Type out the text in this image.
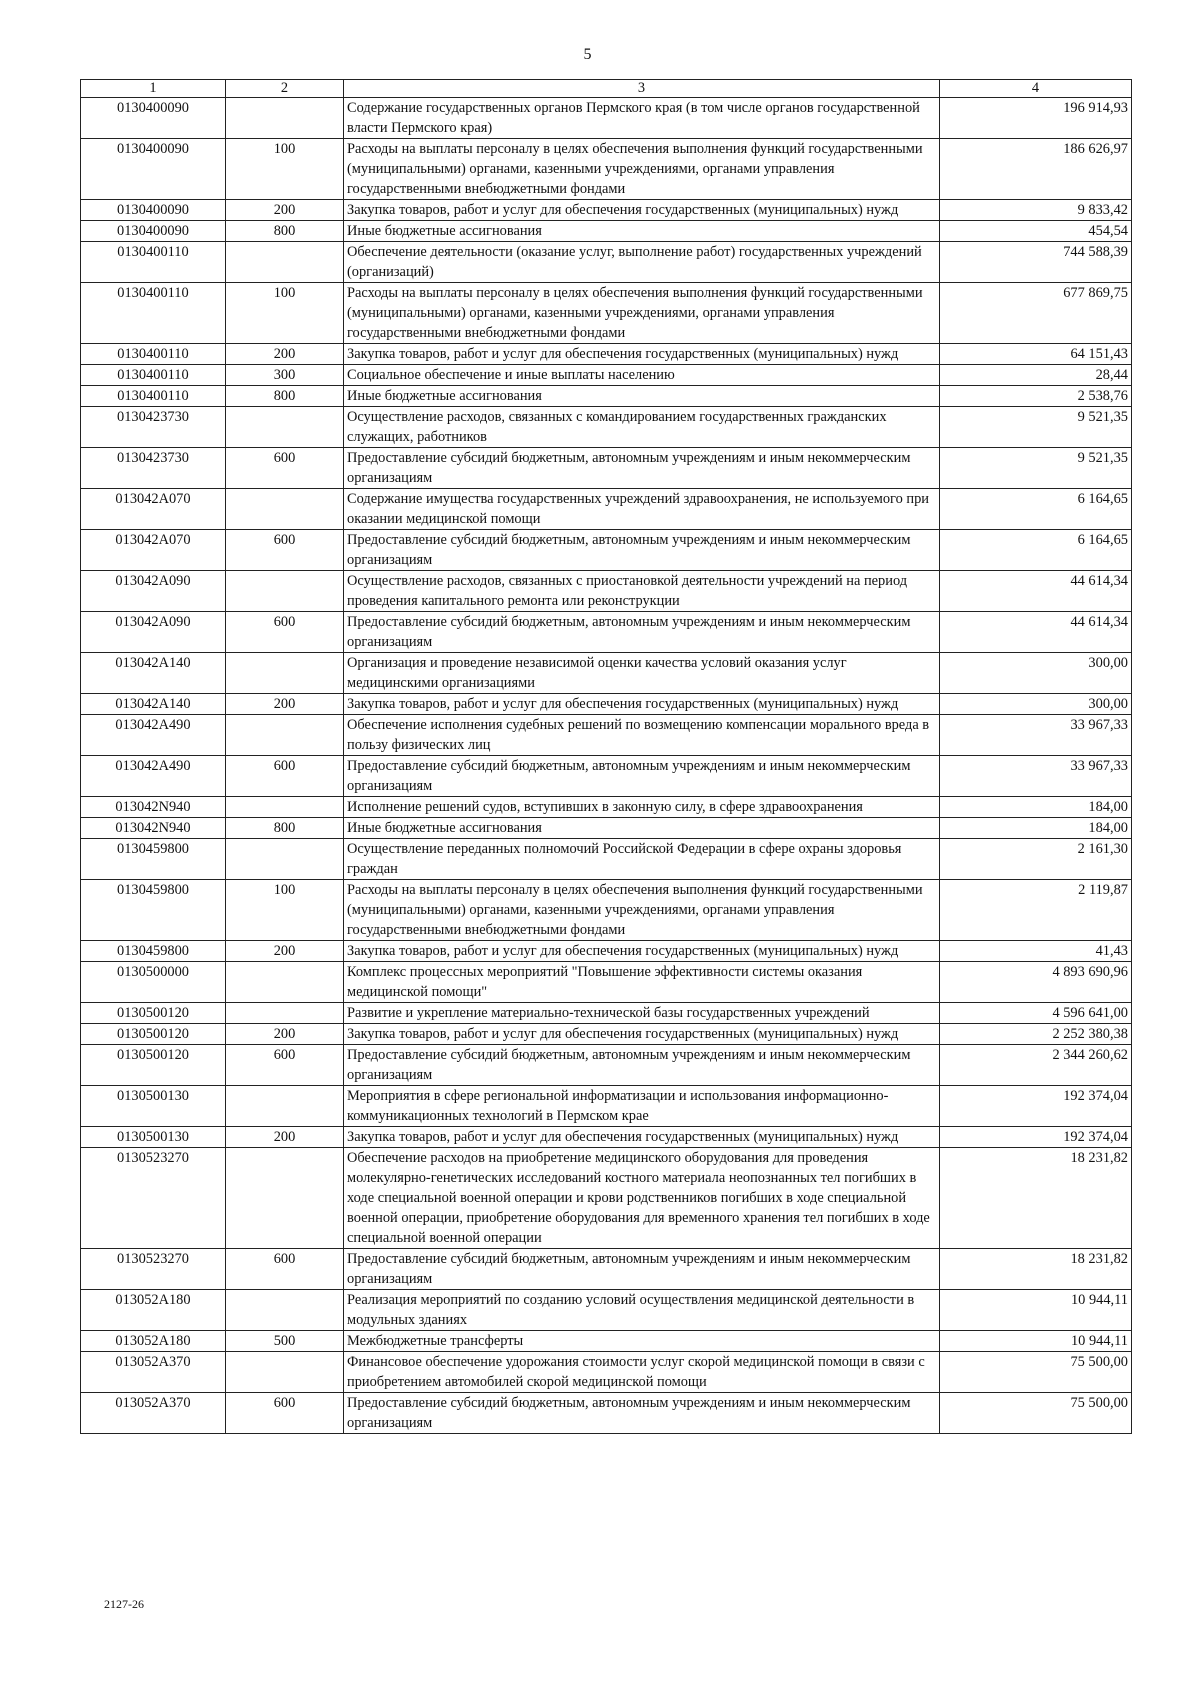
5
1	2	3	4
0130400090		Содержание государственных органов Пермского края (в том числе органов государственной власти Пермского края)	196 914,93
0130400090	100	Расходы на выплаты персоналу в целях обеспечения выполнения функций государственными (муниципальными) органами, казенными учреждениями, органами управления государственными внебюджетными фондами	186 626,97
0130400090	200	Закупка товаров, работ и услуг для обеспечения государственных (муниципальных) нужд	9 833,42
0130400090	800	Иные бюджетные ассигнования	454,54
0130400110		Обеспечение деятельности (оказание услуг, выполнение работ) государственных учреждений (организаций)	744 588,39
0130400110	100	Расходы на выплаты персоналу в целях обеспечения выполнения функций государственными (муниципальными) органами, казенными учреждениями, органами управления государственными внебюджетными фондами	677 869,75
0130400110	200	Закупка товаров, работ и услуг для обеспечения государственных (муниципальных) нужд	64 151,43
0130400110	300	Социальное обеспечение и иные выплаты населению	28,44
0130400110	800	Иные бюджетные ассигнования	2 538,76
0130423730		Осуществление расходов, связанных с командированием государственных гражданских служащих, работников	9 521,35
0130423730	600	Предоставление субсидий бюджетным, автономным учреждениям и иным некоммерческим организациям	9 521,35
013042A070		Содержание имущества государственных учреждений здравоохранения, не используемого при оказании медицинской помощи	6 164,65
013042A070	600	Предоставление субсидий бюджетным, автономным учреждениям и иным некоммерческим организациям	6 164,65
013042A090		Осуществление расходов, связанных с приостановкой деятельности учреждений на период проведения капитального ремонта или реконструкции	44 614,34
013042A090	600	Предоставление субсидий бюджетным, автономным учреждениям и иным некоммерческим организациям	44 614,34
013042A140		Организация и проведение независимой оценки качества условий оказания услуг медицинскими организациями	300,00
013042A140	200	Закупка товаров, работ и услуг для обеспечения государственных (муниципальных) нужд	300,00
013042A490		Обеспечение исполнения судебных решений по возмещению компенсации морального вреда в пользу физических лиц	33 967,33
013042A490	600	Предоставление субсидий бюджетным, автономным учреждениям и иным некоммерческим организациям	33 967,33
013042N940		Исполнение решений судов, вступивших в законную силу, в сфере здравоохранения	184,00
013042N940	800	Иные бюджетные ассигнования	184,00
0130459800		Осуществление переданных полномочий Российской Федерации в сфере охраны здоровья граждан	2 161,30
0130459800	100	Расходы на выплаты персоналу в целях обеспечения выполнения функций государственными (муниципальными) органами, казенными учреждениями, органами управления государственными внебюджетными фондами	2 119,87
0130459800	200	Закупка товаров, работ и услуг для обеспечения государственных (муниципальных) нужд	41,43
0130500000		Комплекс процессных мероприятий "Повышение эффективности системы оказания медицинской помощи"	4 893 690,96
0130500120		Развитие и укрепление материально-технической базы государственных учреждений	4 596 641,00
0130500120	200	Закупка товаров, работ и услуг для обеспечения государственных (муниципальных) нужд	2 252 380,38
0130500120	600	Предоставление субсидий бюджетным, автономным учреждениям и иным некоммерческим организациям	2 344 260,62
0130500130		Мероприятия в сфере региональной информатизации и использования информационно-коммуникационных технологий в Пермском крае	192 374,04
0130500130	200	Закупка товаров, работ и услуг для обеспечения государственных (муниципальных) нужд	192 374,04
0130523270		Обеспечение расходов на приобретение медицинского оборудования для проведения молекулярно-генетических исследований костного материала неопознанных тел погибших в ходе специальной военной операции и крови родственников погибших в ходе специальной военной операции, приобретение оборудования для временного хранения тел погибших в ходе специальной военной операции	18 231,82
0130523270	600	Предоставление субсидий бюджетным, автономным учреждениям и иным некоммерческим организациям	18 231,82
013052A180		Реализация мероприятий по созданию условий осуществления медицинской деятельности в модульных зданиях	10 944,11
013052A180	500	Межбюджетные трансферты	10 944,11
013052A370		Финансовое обеспечение удорожания стоимости услуг скорой медицинской помощи в связи с приобретением автомобилей скорой медицинской помощи	75 500,00
013052A370	600	Предоставление субсидий бюджетным, автономным учреждениям и иным некоммерческим организациям	75 500,00
2127-26
